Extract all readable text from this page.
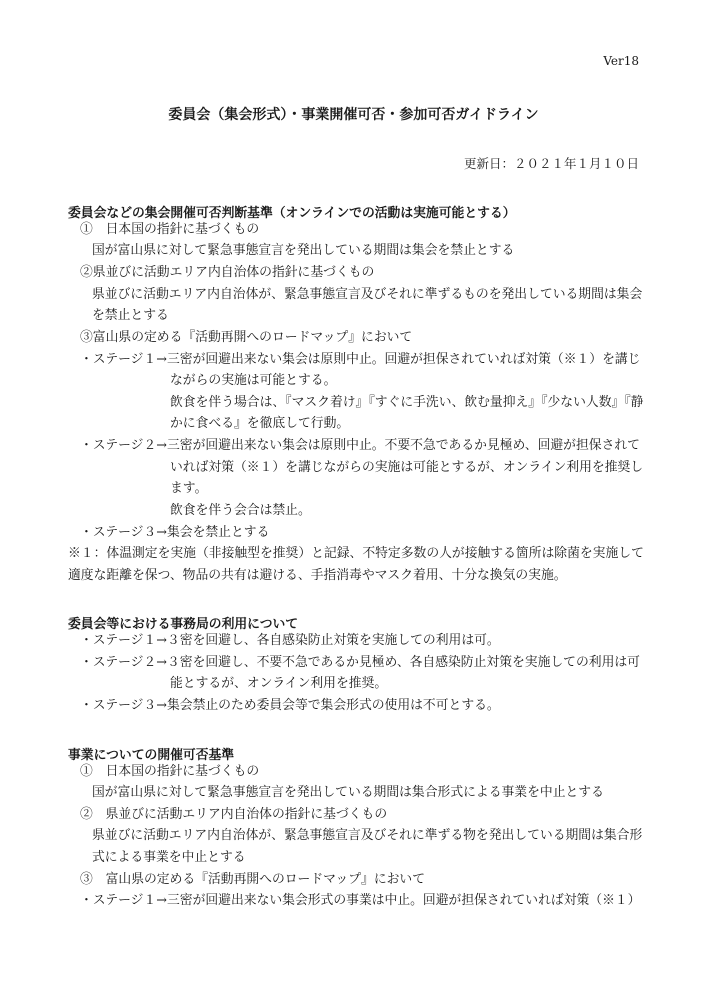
Ver18
委員会（集会形式）・事業開催可否・参加可否ガイドライン
更新日：２０２１年１月１０日
委員会などの集会開催可否判断基準（オンラインでの活動は実施可能とする）
①　日本国の指針に基づくもの
国が富山県に対して緊急事態宣言を発出している期間は集会を禁止とする
②県並びに活動エリア内自治体の指針に基づくもの
県並びに活動エリア内自治体が、緊急事態宣言及びそれに準ずるものを発出している期間は集会
を禁止とする
③富山県の定める『活動再開へのロードマップ』において
・ステージ１→三密が回避出来ない集会は原則中止。回避が担保されていれば対策（※１）を講じ
ながらの実施は可能とする。
飲食を伴う場合は、『マスク着け』『すぐに手洗い、飲む量抑え』『少ない人数』『静
かに食べる』を徹底して行動。
・ステージ２→三密が回避出来ない集会は原則中止。不要不急であるか見極め、回避が担保されて
いれば対策（※１）を講じながらの実施は可能とするが、オンライン利用を推奨し
ます。
飲食を伴う会合は禁止。
・ステージ３→集会を禁止とする
※１：体温測定を実施（非接触型を推奨）と記録、不特定多数の人が接触する箇所は除菌を実施して
適度な距離を保つ、物品の共有は避ける、手指消毒やマスク着用、十分な換気の実施。
委員会等における事務局の利用について
・ステージ１→３密を回避し、各自感染防止対策を実施しての利用は可。
・ステージ２→３密を回避し、不要不急であるか見極め、各自感染防止対策を実施しての利用は可
能とするが、オンライン利用を推奨。
・ステージ３→集会禁止のため委員会等で集会形式の使用は不可とする。
事業についての開催可否基準
①　日本国の指針に基づくもの
国が富山県に対して緊急事態宣言を発出している期間は集合形式による事業を中止とする
②　県並びに活動エリア内自治体の指針に基づくもの
県並びに活動エリア内自治体が、緊急事態宣言及びそれに準ずる物を発出している期間は集合形
式による事業を中止とする
③　富山県の定める『活動再開へのロードマップ』において
・ステージ１→三密が回避出来ない集会形式の事業は中止。回避が担保されていれば対策（※１）
